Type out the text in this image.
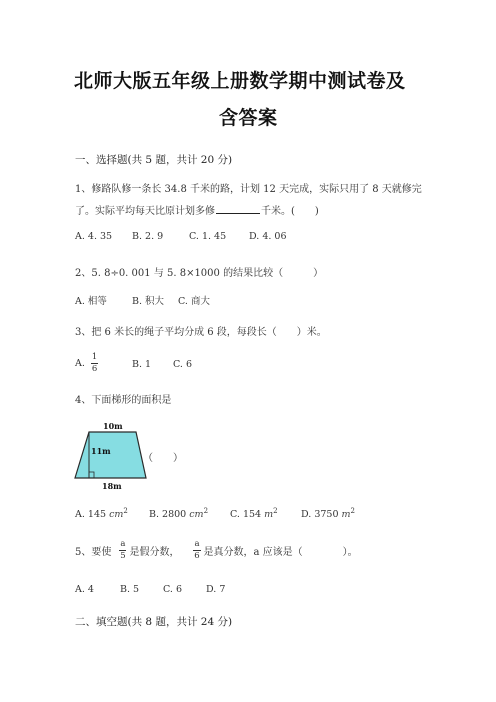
北师大版五年级上册数学期中测试卷及
含答案
一、选择题(共 5 题，共计 20 分)
1、修路队修一条长 34.8 千米的路，计划 12 天完成，实际只用了 8 天就修完
了。实际平均每天比原计划多修	千米。(　　)
A. 4. 35 B. 2. 9	C. 1. 45 D. 4. 06
2、5. 8÷0. 001 与 5. 8×1000 的结果比较（　　　）
A. 相等	B. 积大 C. 商大
3、把 6 米长的绳子平均分成 6 段，每段长（　　）米。
A. $\frac{1}{6}$	B. 1 C. 6
4、下面梯形的面积是
10m
11m
18m
（　　）
A. 145 $cm^2$ B. 2800 $cm^2$ C. 154 $m^2$ D. 3750 $m^2$
5、要使 $\frac{a}{5}$ 是假分数， $\frac{a}{6}$ 是真分数，a 应该是（　　　　）。
A. 4	B. 5	C. 6	D. 7
二、填空题(共 8 题，共计 24 分)
